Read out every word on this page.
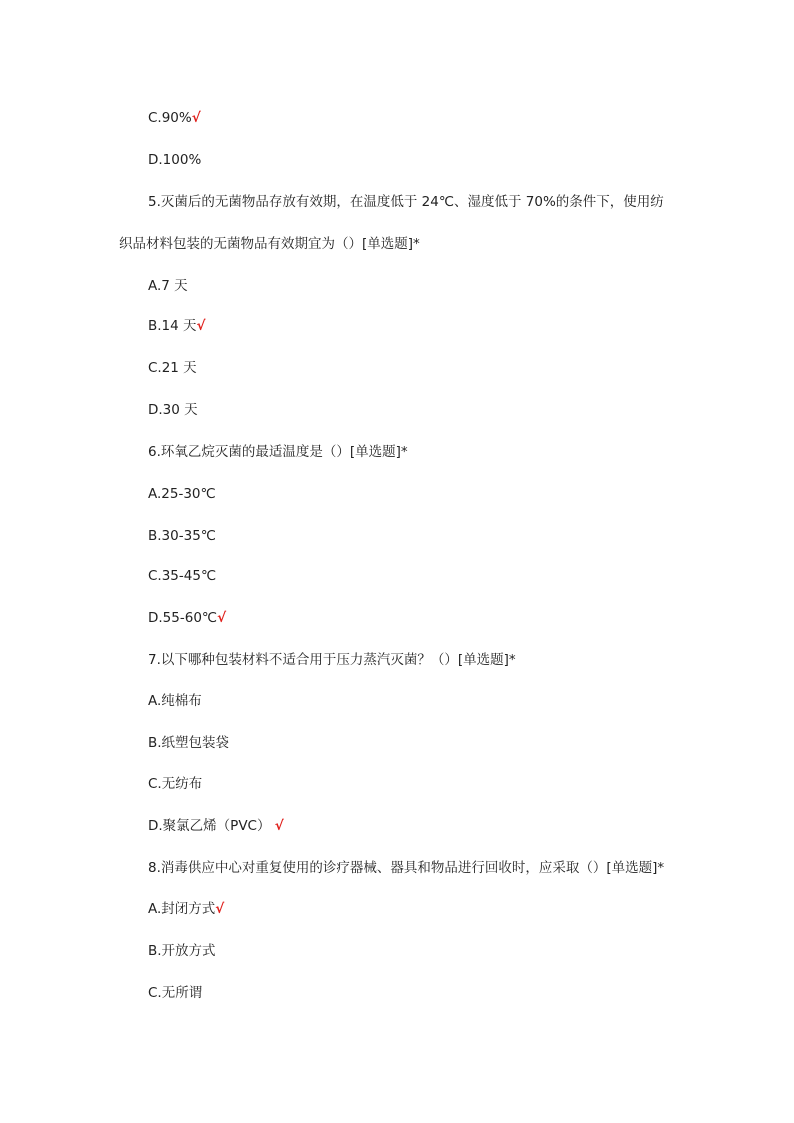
C.90%√
D.100%
5.灭菌后的无菌物品存放有效期，在温度低于 24℃、湿度低于 70%的条件下，使用纺
织品材料包装的无菌物品有效期宜为（）[单选题]*
A.7 天
B.14 天√
C.21 天
D.30 天
6.环氧乙烷灭菌的最适温度是（）[单选题]*
A.25-30℃
B.30-35℃
C.35-45℃
D.55-60℃√
7.以下哪种包装材料不适合用于压力蒸汽灭菌？（）[单选题]*
A.纯棉布
B.纸塑包装袋
C.无纺布
D.聚氯乙烯（PVC） √
8.消毒供应中心对重复使用的诊疗器械、器具和物品进行回收时，应采取（）[单选题]*
A.封闭方式√
B.开放方式
C.无所谓
